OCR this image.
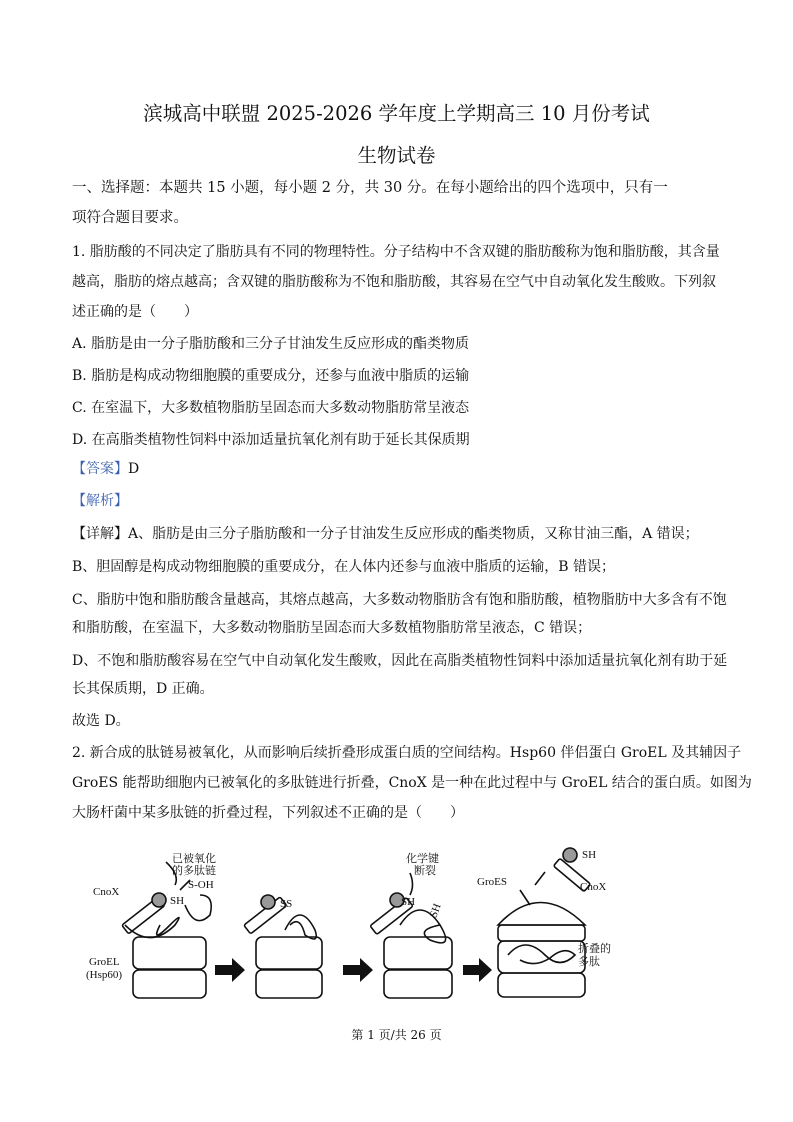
滨城高中联盟 2025-2026 学年度上学期高三 10 月份考试
生物试卷
一、选择题：本题共 15 小题，每小题 2 分，共 30 分。在每小题给出的四个选项中，只有一
项符合题目要求。
1. 脂肪酸的不同决定了脂肪具有不同的物理特性。分子结构中不含双键的脂肪酸称为饱和脂肪酸，其含量
越高，脂肪的熔点越高；含双键的脂肪酸称为不饱和脂肪酸，其容易在空气中自动氧化发生酸败。下列叙
述正确的是（　　）
A. 脂肪是由一分子脂肪酸和三分子甘油发生反应形成的酯类物质
B. 脂肪是构成动物细胞膜的重要成分，还参与血液中脂质的运输
C. 在室温下，大多数植物脂肪呈固态而大多数动物脂肪常呈液态
D. 在高脂类植物性饲料中添加适量抗氧化剂有助于延长其保质期
【答案】D
【解析】
【详解】A、脂肪是由三分子脂肪酸和一分子甘油发生反应形成的酯类物质，又称甘油三酯，A 错误；
B、胆固醇是构成动物细胞膜的重要成分，在人体内还参与血液中脂质的运输，B 错误；
C、脂肪中饱和脂肪酸含量越高，其熔点越高，大多数动物脂肪含有饱和脂肪酸，植物脂肪中大多含有不饱
和脂肪酸，在室温下，大多数动物脂肪呈固态而大多数植物脂肪常呈液态，C 错误；
D、不饱和脂肪酸容易在空气中自动氧化发生酸败，因此在高脂类植物性饲料中添加适量抗氧化剂有助于延
长其保质期，D 正确。
故选 D。
2. 新合成的肽链易被氧化，从而影响后续折叠形成蛋白质的空间结构。Hsp60 伴侣蛋白 GroEL 及其辅因子
GroES 能帮助细胞内已被氧化的多肽链进行折叠，CnoX 是一种在此过程中与 GroEL 结合的蛋白质。如图为
大肠杆菌中某多肽链的折叠过程，下列叙述不正确的是（　　）
已被氧化
的多肽链
S-OH
CnoX
SH
GroEL
(Hsp60)
SS
化学键
断裂
SH
SH
GroES
SH
CnoX
折叠的
多肽
第 1 页/共 26 页
